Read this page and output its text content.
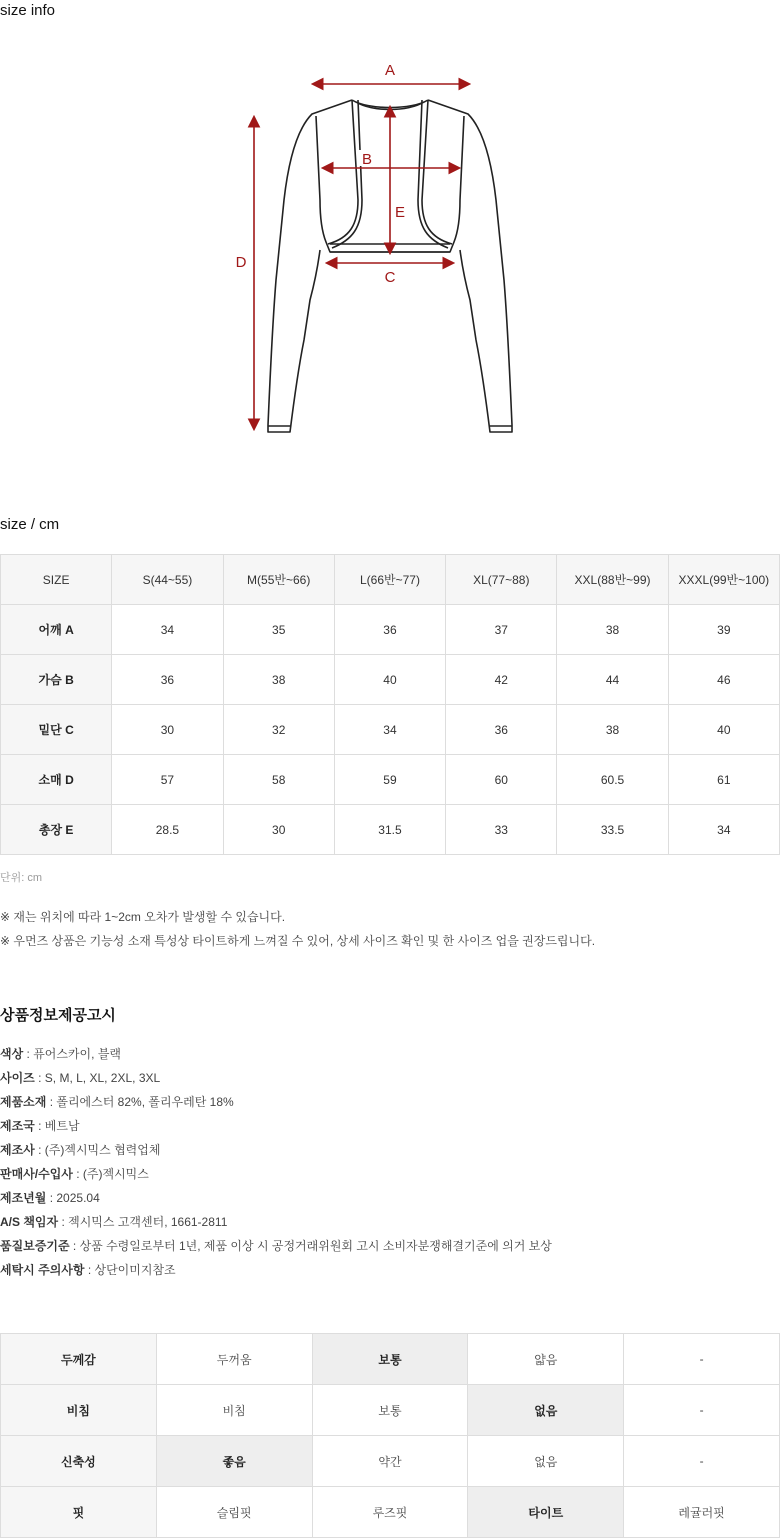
size info
A
B
C
D
E
size / cm
SIZE	S(44~55)	M(55반~66)	L(66반~77)	XL(77~88)	XXL(88반~99)	XXXL(99반~100)
어깨 A	34	35	36	37	38	39
가슴 B	36	38	40	42	44	46
밑단 C	30	32	34	36	38	40
소매 D	57	58	59	60	60.5	61
총장 E	28.5	30	31.5	33	33.5	34
단위: cm
※ 재는 위치에 따라 1~2cm 오차가 발생할 수 있습니다.
※ 우먼즈 상품은 기능성 소재 특성상 타이트하게 느껴질 수 있어, 상세 사이즈 확인 및 한 사이즈 업을 권장드립니다.
상품정보제공고시
색상 : 퓨어스카이, 블랙
사이즈 : S, M, L, XL, 2XL, 3XL
제품소재 : 폴리에스터 82%, 폴리우레탄 18%
제조국 : 베트남
제조사 : (주)젝시믹스 협력업체
판매사/수입사 : (주)젝시믹스
제조년월 : 2025.04
A/S 책임자 : 젝시믹스 고객센터, 1661-2811
품질보증기준 : 상품 수령일로부터 1년, 제품 이상 시 공정거래위원회 고시 소비자분쟁해결기준에 의거 보상
세탁시 주의사항 : 상단이미지참조
두께감	두꺼움	보통	얇음	-
비침	비침	보통	없음	-
신축성	좋음	약간	없음	-
핏	슬림핏	루즈핏	타이트	레귤러핏
